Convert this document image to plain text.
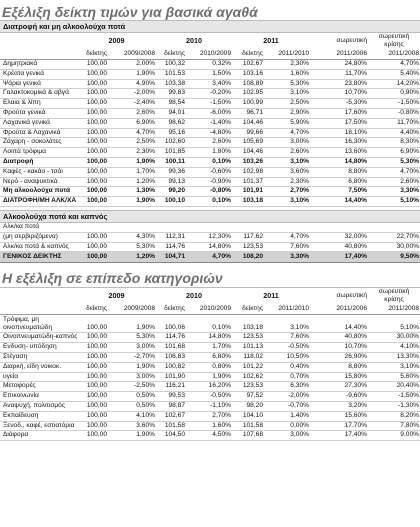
Εξέλιξη δείκτη τιμών για βασικά αγαθά
Διατροφή και μη αλκοολούχα ποτά
	2009		2010		2011		σωρευτική	σωρευτική κρίσης
	δείκτης	2009/2008	δείκτης	2010/2009	δείκτης	2011/2010	2011/2006	2011/2008
Δημητριακά	100,00	2,00%	100,32	0,32%	102,67	2,30%	24,80%	4,70%
Κρέατα γενικά	100,00	1,90%	101,53	1,50%	103,16	1,60%	11,70%	5,40%
Ψάρια γενικά	100,00	4,90%	103,38	3,40%	108,89	5,30%	23,80%	14,20%
Γαλακτοκομικά & αβγά	100,00	-2,00%	99,83	-0,20%	102,95	3,10%	10,70%	0,90%
Ελαια & λίπη	100,00	-2,40%	98,54	-1,50%	100,99	2,50%	-5,30%	-1,50%
Φρούτα γενικά	100,00	2,60%	94,01	-6,00%	96,71	2,90%	17,60%	-0,80%
Λαχανικά γενικά	100,00	6,90%	98,62	-1,40%	104,46	5,90%	17,50%	11,70%
Φρούτα & Λαχανικά	100,00	4,70%	95,16	-4,80%	99,66	4,70%	18,10%	4,40%
Ζάχαρη - σοκολάτες	100,00	2,50%	102,60	2,60%	105,69	3,00%	16,30%	8,30%
Λοιπά τρόφιμα	100,00	2,30%	101,85	1,80%	104,46	2,60%	13,60%	6,90%
Διατροφή	100,00	1,90%	100,11	0,10%	103,26	3,10%	14,80%	5,30%
Καφές - κακάο - τσάι	100,00	1,70%	99,36	-0,60%	102,98	3,60%	8,80%	4,70%
Νερό - αναψυκτικά	100,00	1,20%	99,13	-0,90%	101,37	2,30%	6,80%	2,60%
Μη αλκοολούχα ποτά	100,00	1,30%	99,20	-0,80%	101,91	2,70%	7,50%	3,30%
ΔΙΑΤΡΟΦΗ/ΜΗ ΑΛΚ/ΧΑ	100,00	1,90%	100,10	0,10%	103,18	3,10%	14,40%	5,10%
Αλκοολούχα ποτά και καπνός
Αλκ/κα ποτά								
(μη σερβιριζόμενα)	100,00	4,30%	112,31	12,30%	117,62	4,70%	32,00%	22,70%
Αλκ/κα ποτά & καπνός	100,00	5,30%	114,76	14,80%	123,53	7,60%	40,80%	30,00%
ΓΕΝΙΚΟΣ ΔΕΙΚΤΗΣ	100,00	1,20%	104,71	4,70%	108,20	3,30%	17,40%	9,50%
Η εξέλιξη σε επίπεδο κατηγοριών
	2009		2010		2011		σωρευτική	σωρευτική κρίσης
	δείκτης	2009/2008	δείκτης	2010/2009	δείκτης	2011/2010	2011/2006	2011/2008
Τρόφιμα, μη οινοπνευματώδη	100,00	1,90%	100,06	0,10%	103,18	3,10%	14,40%	5,10%
Οινοπνευματώδη-καπνός	100,00	5,30%	114,76	14,80%	123,53	7,60%	40,80%	30,00%
Ενδυση- υπόδηση	100,00	3,00%	101,68	1,70%	101,13	-0,50%	10,70%	4,10%
Στέγαση	100,00	-2,70%	106,83	6,80%	118,02	10,50%	26,90%	13,30%
Διαρκή, είδη νοικοκ.	100,00	1,90%	100,82	0,80%	101,22	0,40%	8,80%	3,10%
υγεία	100,00	3,00%	101,90	1,90%	102,62	0,70%	15,80%	5,60%
Μεταφορές	100,00	-2,50%	116,21	16,20%	123,53	6,30%	27,30%	20,40%
Επικοινωνία	100,00	0,50%	99,53	-0,50%	97,52	-2,00%	-9,60%	-1,50%
Αναψυχή, πολιτισμός	100,00	0,50%	98,87	-1,10%	98,20	-0,70%	3,20%	-1,30%
Εκπαίδευση	100,00	4,10%	102,67	2,70%	104,10	1,40%	15,60%	8,20%
Ξενοδ., καφέ, εστιατόρια	100,00	3,60%	101,58	1,60%	101,58	0,00%	17,70%	7,80%
Διάφορα	100,00	1,90%	104,50	4,50%	107,68	3,00%	17,40%	9,00%
